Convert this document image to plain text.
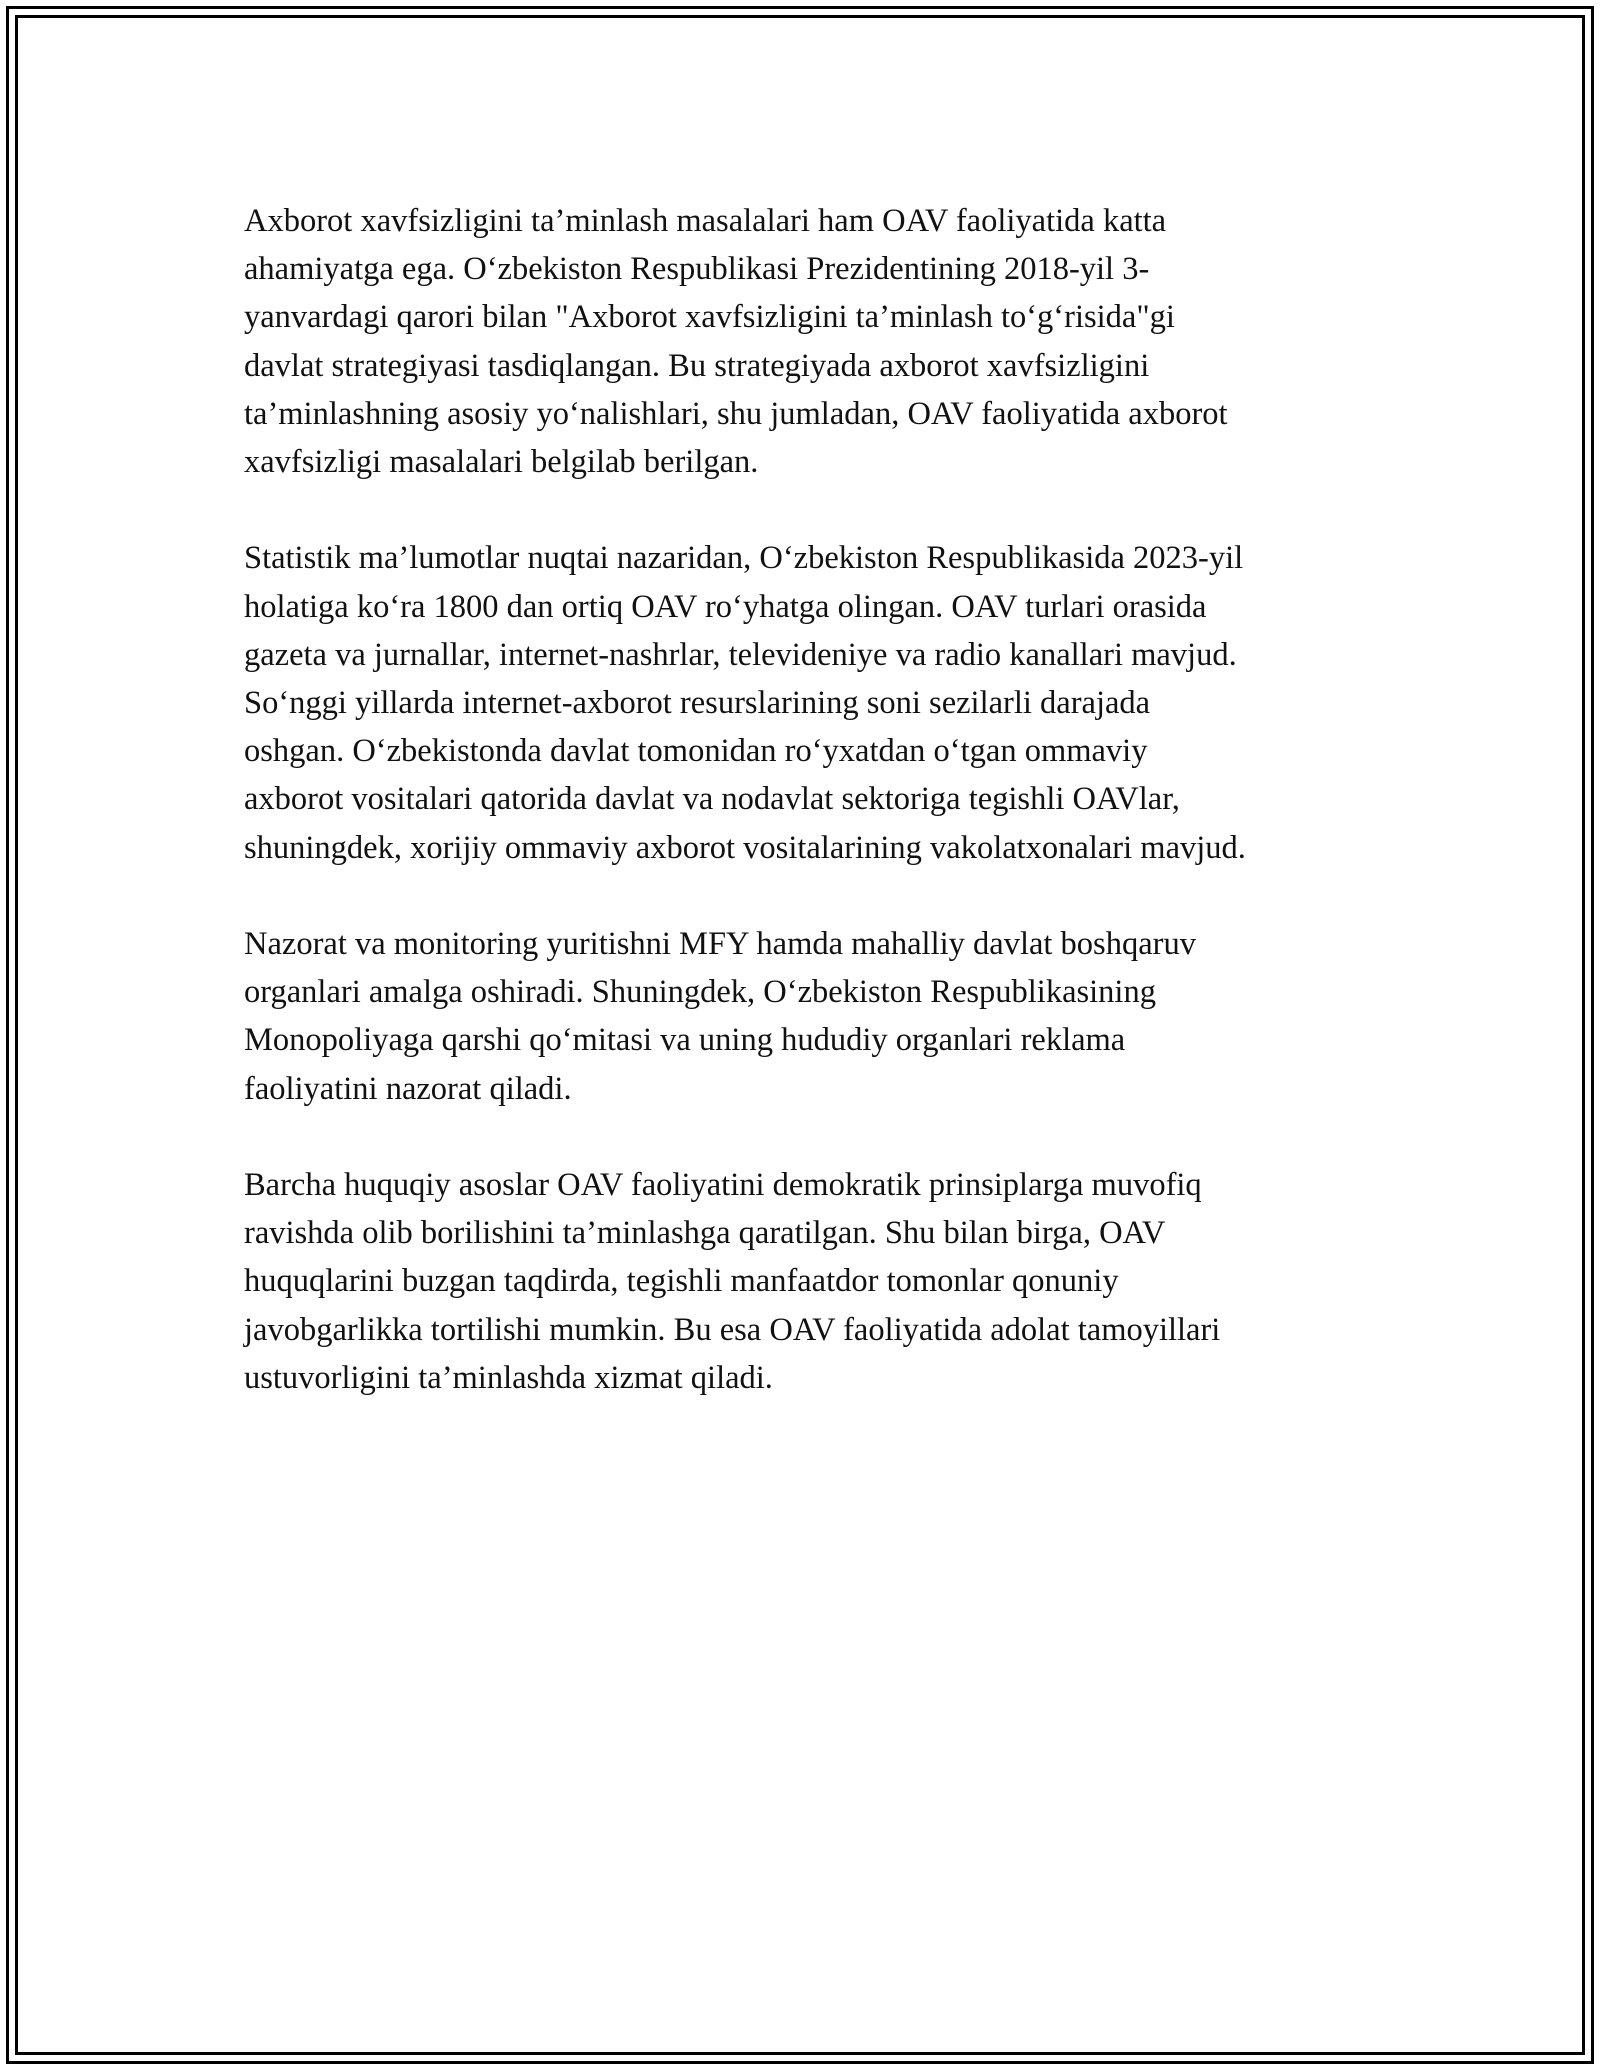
Axborot xavfsizligini ta’minlash masalalari ham OAV faoliyatida katta
ahamiyatga ega. O‘zbekiston Respublikasi Prezidentining 2018-yil 3-
yanvardagi qarori bilan "Axborot xavfsizligini ta’minlash to‘g‘risida"gi
davlat strategiyasi tasdiqlangan. Bu strategiyada axborot xavfsizligini
ta’minlashning asosiy yo‘nalishlari, shu jumladan, OAV faoliyatida axborot
xavfsizligi masalalari belgilab berilgan.

Statistik ma’lumotlar nuqtai nazaridan, O‘zbekiston Respublikasida 2023-yil
holatiga ko‘ra 1800 dan ortiq OAV ro‘yhatga olingan. OAV turlari orasida
gazeta va jurnallar, internet-nashrlar, televideniye va radio kanallari mavjud.
So‘nggi yillarda internet-axborot resurslarining soni sezilarli darajada
oshgan. O‘zbekistonda davlat tomonidan ro‘yxatdan o‘tgan ommaviy
axborot vositalari qatorida davlat va nodavlat sektoriga tegishli OAVlar,
shuningdek, xorijiy ommaviy axborot vositalarining vakolatxonalari mavjud.

Nazorat va monitoring yuritishni MFY hamda mahalliy davlat boshqaruv
organlari amalga oshiradi. Shuningdek, O‘zbekiston Respublikasining
Monopoliyaga qarshi qo‘mitasi va uning hududiy organlari reklama
faoliyatini nazorat qiladi.

Barcha huquqiy asoslar OAV faoliyatini demokratik prinsiplarga muvofiq
ravishda olib borilishini ta’minlashga qaratilgan. Shu bilan birga, OAV
huquqlarini buzgan taqdirda, tegishli manfaatdor tomonlar qonuniy
javobgarlikka tortilishi mumkin. Bu esa OAV faoliyatida adolat tamoyillari
ustuvorligini ta’minlashda xizmat qiladi.
